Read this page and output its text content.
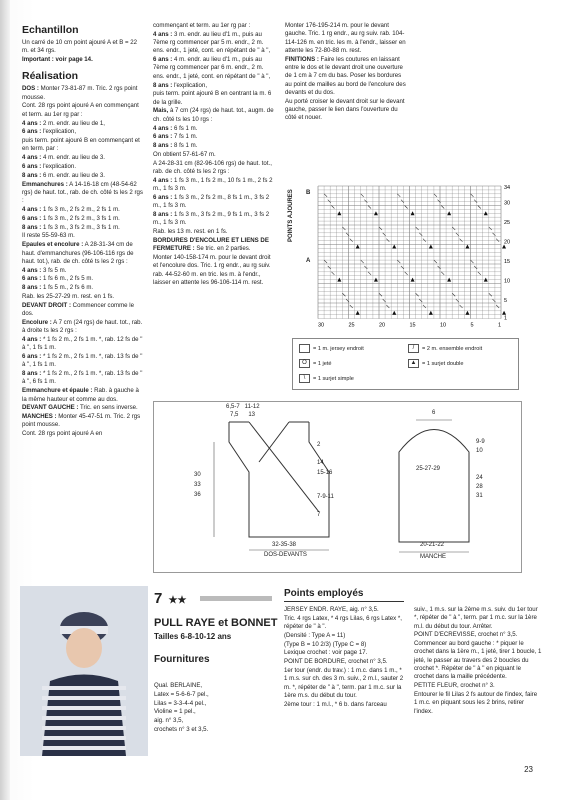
Echantillon

Un carré de 10 cm point ajouré A et B = 22 m. et 34 rgs.

Important : voir page 14.

Réalisation

DOS : Monter 73-81-87 m. Tric. 2 rgs point mousse.

Cont. 28 rgs point ajouré A en commençant et term. au 1er rg par :

4 ans : 2 m. endr. au lieu de 1,

6 ans : l'explication,

puis term. point ajouré B en commençant et en term. par :

4 ans : 4 m. endr. au lieu de 3.

6 ans : l'explication.

8 ans : 6 m. endr. au lieu de 3.

Emmanchures : A 14-16-18 cm (48-54-62 rgs) de haut. tot., rab. de ch. côté ts les 2 rgs :

4 ans : 1 fs 3 m., 2 fs 2 m., 2 fs 1 m.

6 ans : 1 fs 3 m., 2 fs 2 m., 3 fs 1 m.

8 ans : 1 fs 3 m., 3 fs 2 m., 3 fs 1 m.

Il reste 55-59-63 m.

Epaules et encolure : A 28-31-34 cm de haut. d'emmanchures (96-106-116 rgs de haut. tot.), rab. de ch. côté ts les 2 rgs :

4 ans : 3 fs 5 m.

6 ans : 1 fs 6 m., 2 fs 5 m.

8 ans : 1 fs 5 m., 2 fs 6 m.

Rab. les 25-27-29 m. rest. en 1 fs.

DEVANT DROIT : Commencer comme le dos.

Encolure : A 7 cm (24 rgs) de haut. tot., rab. à droite ts les 2 rgs :

4 ans : * 1 fs 2 m., 2 fs 1 m. *, rab. 12 fs de " à ", 1 fs 1 m.

6 ans : * 1 fs 2 m., 2 fs 1 m. *, rab. 13 fs de " à ", 1 fs 1 m.

8 ans : * 1 fs 2 m., 2 fs 1 m. *, rab. 13 fs de " à ", 6 fs 1 m.

Emmanchure et épaule : Rab. à gauche à la même hauteur et comme au dos.

DEVANT GAUCHE : Tric. en sens inverse.

MANCHES : Monter 45-47-51 m. Tric. 2 rgs point mousse.

Cont. 28 rgs point ajouré A en

commençant et term. au 1er rg par :

4 ans : 3 m. endr. au lieu d'1 m., puis au 7ème rg commencer par 5 m. endr., 2 m. ens. endr., 1 jeté, cont. en répétant de " à ",

6 ans : 4 m. endr. au lieu d'1 m., puis au 7ème rg commencer par 6 m. endr., 2 m. ens. endr., 1 jeté, cont. en répétant de " à ",

8 ans : l'explication,

puis term. point ajouré B en centrant la m. 6 de la grille.

Mais, à 7 cm (24 rgs) de haut. tot., augm. de ch. côté ts les 10 rgs :

4 ans : 6 fs 1 m.

6 ans : 7 fs 1 m.

8 ans : 8 fs 1 m.

On obtient 57-61-67 m.

A 24-28-31 cm (82-96-106 rgs) de haut. tot., rab. de ch. côté ts les 2 rgs :

4 ans : 1 fs 3 m., 1 fs 2 m., 10 fs 1 m., 2 fs 2 m., 1 fs 3 m.

6 ans : 1 fs 3 m., 2 fs 2 m., 8 fs 1 m., 3 fs 2 m., 1 fs 3 m.

8 ans : 1 fs 3 m., 3 fs 2 m., 9 fs 1 m., 3 fs 2 m., 1 fs 3 m.

Rab. les 13 m. rest. en 1 fs.

BORDURES D'ENCOLURE ET LIENS DE FERMETURE : Se tric. en 2 parties.

Monter 140-158-174 m. pour le devant droit et l'encolure dos. Tric. 1 rg endr., au rg suiv. rab. 44-52-60 m. en tric. les m. à l'endr., laisser en attente les 96-106-114 m. rest.

Monter 176-195-214 m. pour le devant gauche. Tric. 1 rg endr., au rg suiv. rab. 104-114-126 m. en tric. les m. à l'endr., laisser en attente les 72-80-88 m. rest.

FINITIONS : Faire les coutures en laissant entre le dos et le devant droit une ouverture de 1 cm à 7 cm du bas. Poser les bordures au point de mailles au bord de l'encolure des devants et du dos.

Au porté croiser le devant droit sur le devant gauche, passer le lien dans l'ouverture du côté et nouer.

30	25	20	15	10	5	1
34
30
25
20
15
10
5
1
POINTS AJOURES
A
B
= 1 m. jersey endroit	/	= 2 m. ensemble endroit
O	= 1 jeté	▲ = 1 surjet double
\	= 1 surjet simple
6,5-7   11-12
7,5      13
30
33
36
2
14
15-16
7-9-11
7
32-35-38
DOS-DEVANTS
6
25-27-29
9-9
10
24
28
31
20-21-22
MANCHE
7 ★★
PULL RAYE et BONNET
Tailles 6-8-10-12 ans
Fournitures

Qual. BERLAINE,

Latex = 5-6-6-7 pel.,

Lilas = 3-3-4-4 pel.,

Violine = 1 pel.,

aig. n° 3,5,

crochets n° 3 et 3,5.

Points employés

JERSEY ENDR. RAYE, aig. n° 3,5.

Tric. 4 rgs Latex, * 4 rgs Lilas, 6 rgs Latex *, répéter de " à ".

(Densité : Type A = 11)

(Type B = 10 2/3) (Type C = 8)

Lexique crochet : voir page 17.

POINT DE BORDURE, crochet n° 3,5.

1er tour (endr. du trav.) : 1 m.c. dans 1 m., * 1 m.s. sur ch. des 3 m. suiv., 2 m.l., sauter 2 m. *, répéter de " à ", term. par 1 m.c. sur la 1ère m.s. du début du tour.

2ème tour : 1 m.l., * 6 b. dans l'arceau

suiv., 1 m.s. sur la 2ème m.s. suiv. du 1er tour *, répéter de " à ", term. par 1 m.c. sur la 1ère m.l. du début du tour. Arrêter.

POINT D'ECREVISSE, crochet n° 3,5.

Commencer au bord gauche : * piquer le crochet dans la 1ère m., 1 jeté, tirer 1 boucle, 1 jeté, le passer au travers des 2 boucles du crochet *. Répéter de " à " en piquant le crochet dans la maille précédente.

PETITE FLEUR, crochet n° 3.

Entourer le fil Lilas 2 fs autour de l'index, faire 1 m.c. en piquant sous les 2 brins, retirer l'index.

23
